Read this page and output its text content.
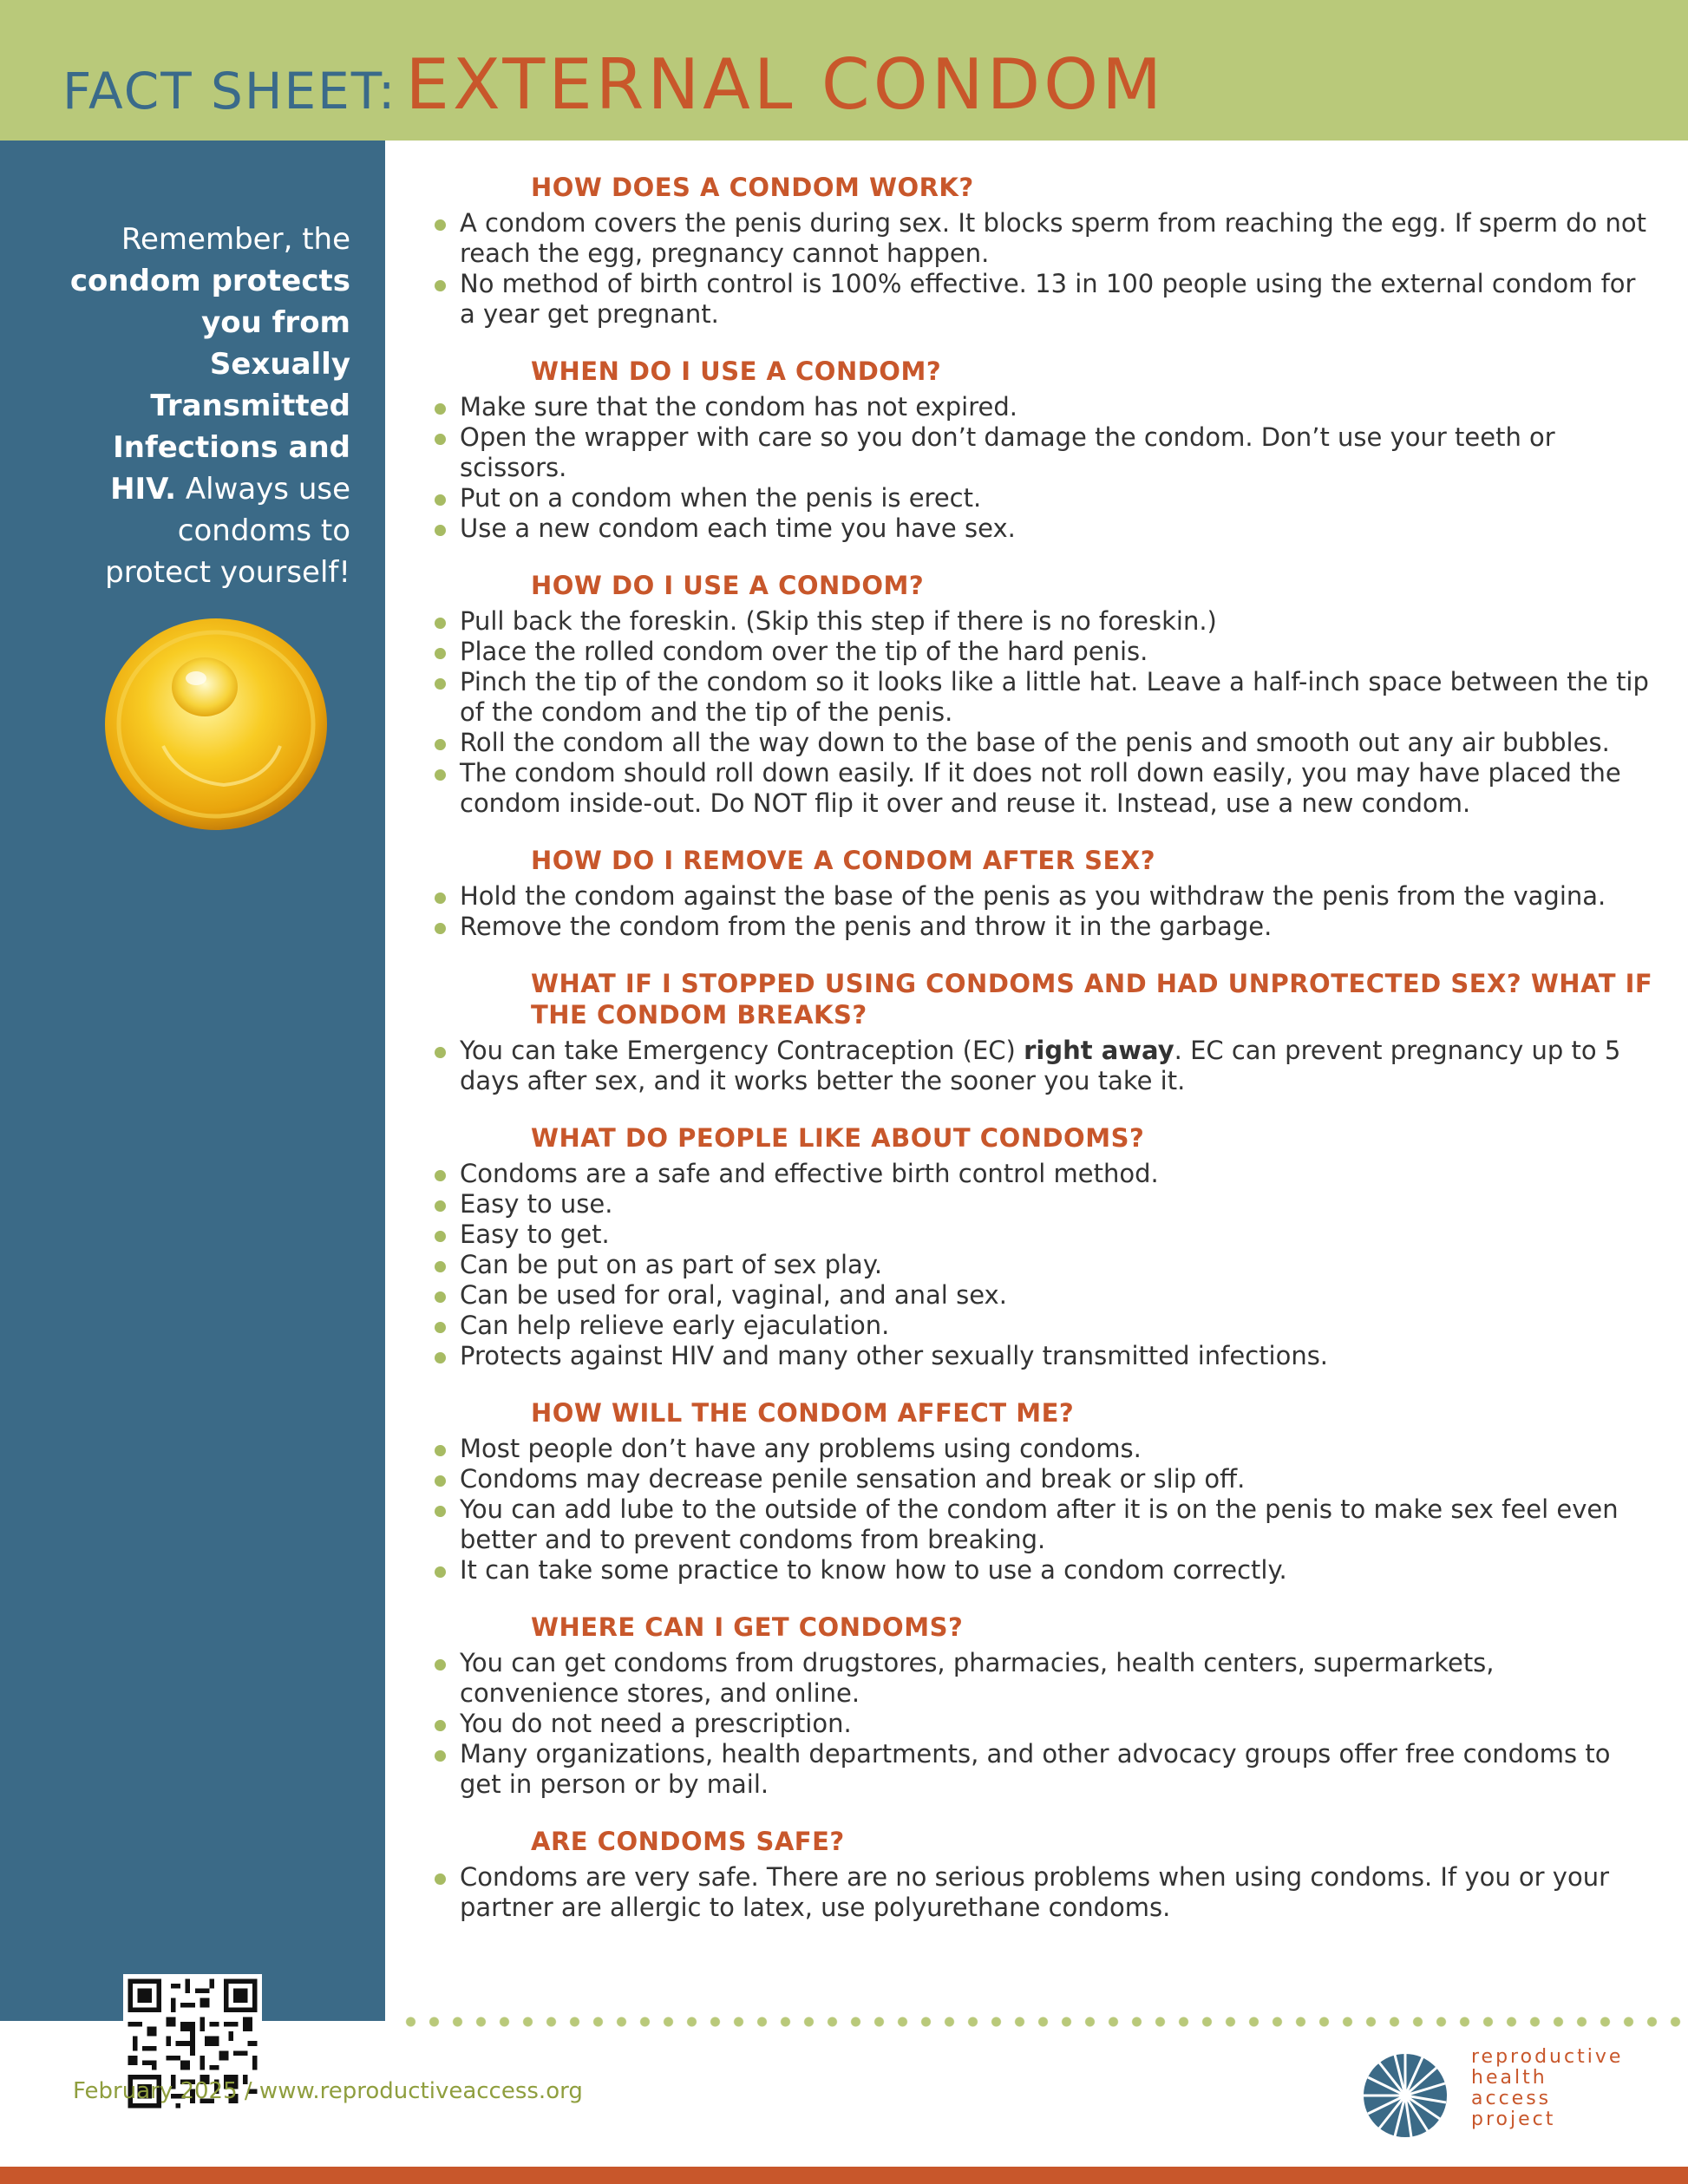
FACT SHEET: EXTERNAL CONDOM
Remember, the condom protects you from Sexually Transmitted Infections and HIV. Always use condoms to protect yourself!
HOW DOES A CONDOM WORK?
A condom covers the penis during sex. It blocks sperm from reaching the egg. If sperm do not reach the egg, pregnancy cannot happen.
No method of birth control is 100% effective. 13 in 100 people using the external condom for a year get pregnant.
WHEN DO I USE A CONDOM?
Make sure that the condom has not expired.
Open the wrapper with care so you don’t damage the condom. Don’t use your teeth or scissors.
Put on a condom when the penis is erect.
Use a new condom each time you have sex.
HOW DO I USE A CONDOM?
Pull back the foreskin. (Skip this step if there is no foreskin.)
Place the rolled condom over the tip of the hard penis.
Pinch the tip of the condom so it looks like a little hat. Leave a half-inch space between the tip of the condom and the tip of the penis.
Roll the condom all the way down to the base of the penis and smooth out any air bubbles.
The condom should roll down easily. If it does not roll down easily, you may have placed the condom inside-out. Do NOT flip it over and reuse it. Instead, use a new condom.
HOW DO I REMOVE A CONDOM AFTER SEX?
Hold the condom against the base of the penis as you withdraw the penis from the vagina.
Remove the condom from the penis and throw it in the garbage.
WHAT IF I STOPPED USING CONDOMS AND HAD UNPROTECTED SEX? WHAT IF THE CONDOM BREAKS?
You can take Emergency Contraception (EC) right away. EC can prevent pregnancy up to 5 days after sex, and it works better the sooner you take it.
WHAT DO PEOPLE LIKE ABOUT CONDOMS?
Condoms are a safe and effective birth control method.
Easy to use.
Easy to get.
Can be put on as part of sex play.
Can be used for oral, vaginal, and anal sex.
Can help relieve early ejaculation.
Protects against HIV and many other sexually transmitted infections.
HOW WILL THE CONDOM AFFECT ME?
Most people don’t have any problems using condoms.
Condoms may decrease penile sensation and break or slip off.
You can add lube to the outside of the condom after it is on the penis to make sex feel even better and to prevent condoms from breaking.
It can take some practice to know how to use a condom correctly.
WHERE CAN I GET CONDOMS?
You can get condoms from drugstores, pharmacies, health centers, supermarkets, convenience stores, and online.
You do not need a prescription.
Many organizations, health departments, and other advocacy groups offer free condoms to get in person or by mail.
ARE CONDOMS SAFE?
Condoms are very safe. There are no serious problems when using condoms. If you or your partner are allergic to latex, use polyurethane condoms.
February 2025 / www.reproductiveaccess.org
reproductive
health
access
project
